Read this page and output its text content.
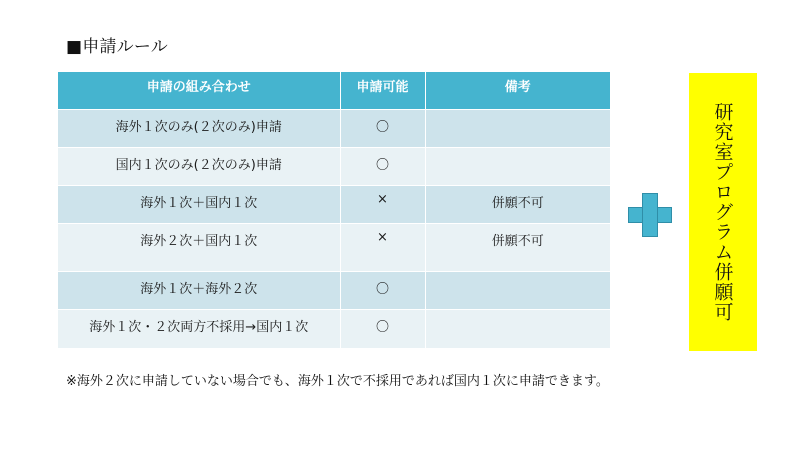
■申請ルール
申請の組み合わせ	申請可能	備考
海外１次のみ(２次のみ)申請	〇	
国内１次のみ(２次のみ)申請	〇	
海外１次＋国内１次	×	併願不可
海外２次＋国内１次	×	併願不可
海外１次＋海外２次	〇	
海外１次・２次両方不採用→国内１次	〇	
研究室プログラム併願可
※海外２次に申請していない場合でも、海外１次で不採用であれば国内１次に申請できます。
